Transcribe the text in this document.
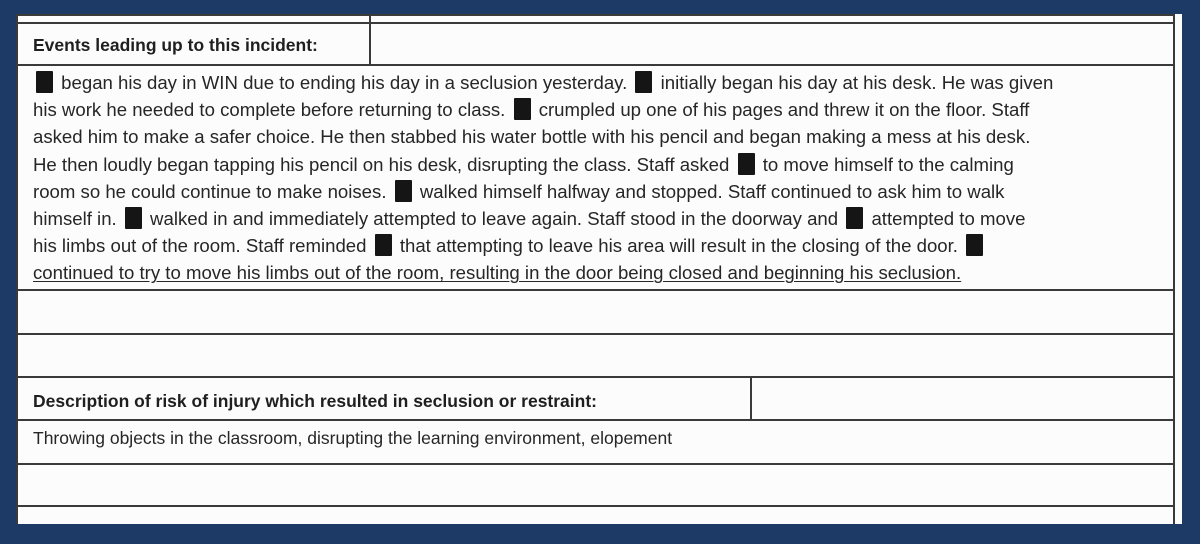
Events leading up to this incident:
Description of risk of injury which resulted in seclusion or restraint:
began his day in WIN due to ending his day in a seclusion yesterday. initially began his day at his desk. He was given
his work he needed to complete before returning to class. crumpled up one of his pages and threw it on the floor. Staff
asked him to make a safer choice. He then stabbed his water bottle with his pencil and began making a mess at his desk.
He then loudly began tapping his pencil on his desk, disrupting the class. Staff asked to move himself to the calming
room so he could continue to make noises. walked himself halfway and stopped. Staff continued to ask him to walk
himself in. walked in and immediately attempted to leave again. Staff stood in the doorway and attempted to move
his limbs out of the room. Staff reminded that attempting to leave his area will result in the closing of the door.
continued to try to move his limbs out of the room, resulting in the door being closed and beginning his seclusion.
Throwing objects in the classroom, disrupting the learning environment, elopement
